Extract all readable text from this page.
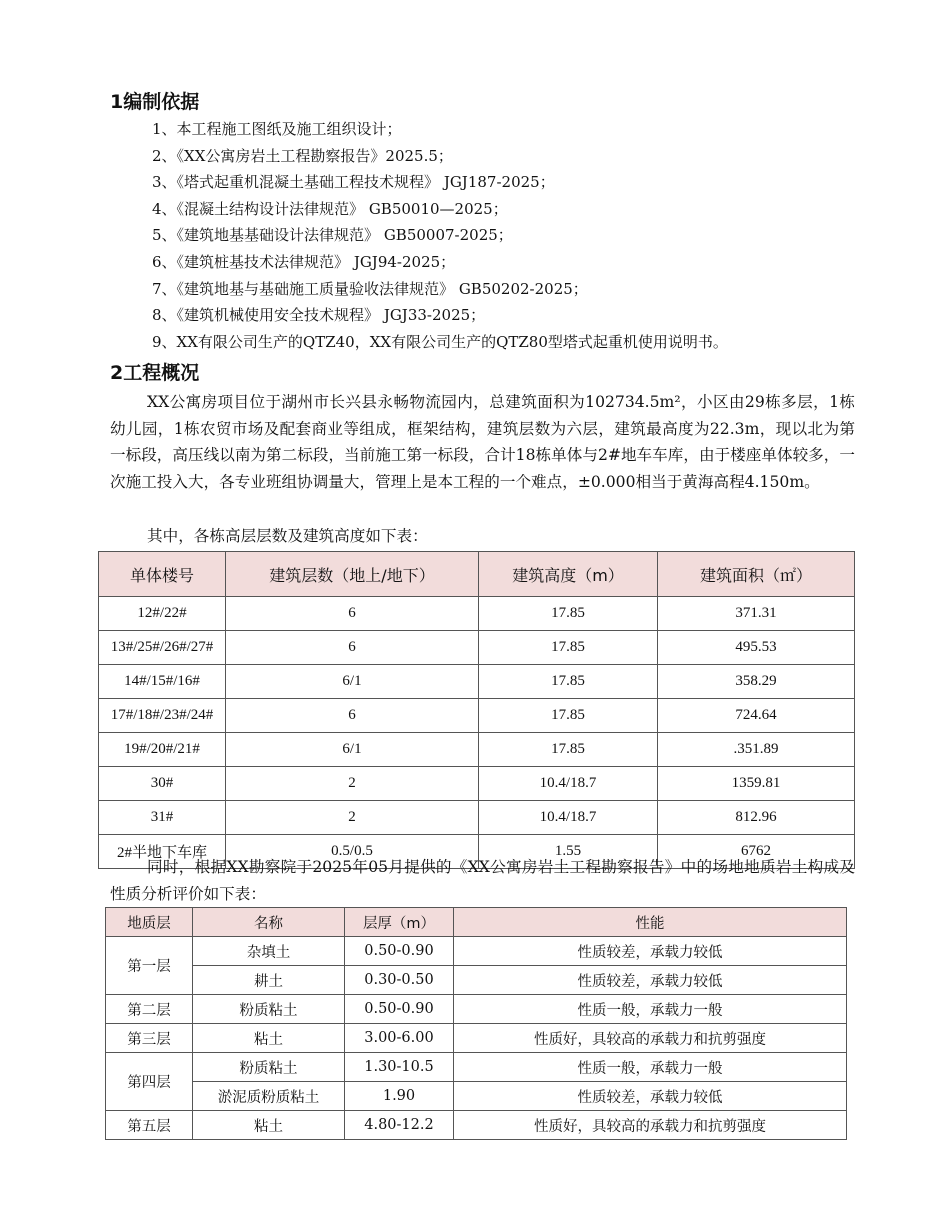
1编制依据
1、本工程施工图纸及施工组织设计；
2、《XX公寓房岩土工程勘察报告》2025.5；
3、《塔式起重机混凝土基础工程技术规程》 JGJ187-2025；
4、《混凝土结构设计法律规范》 GB50010—2025；
5、《建筑地基基础设计法律规范》 GB50007-2025；
6、《建筑桩基技术法律规范》 JGJ94-2025；
7、《建筑地基与基础施工质量验收法律规范》 GB50202-2025；
8、《建筑机械使用安全技术规程》 JGJ33-2025；
9、XX有限公司生产的QTZ40，XX有限公司生产的QTZ80型塔式起重机使用说明书。
2工程概况

XX公寓房项目位于湖州市长兴县永畅物流园内，总建筑面积为102734.5m²，小区由29栋多层，1栋幼儿园，1栋农贸市场及配套商业等组成，框架结构，建筑层数为六层，建筑最高度为22.3m，现以北为第一标段，高压线以南为第二标段，当前施工第一标段，合计18栋单体与2#地车车库，由于楼座单体较多，一次施工投入大，各专业班组协调量大，管理上是本工程的一个难点，±0.000相当于黄海高程4.150m。

其中，各栋高层层数及建筑高度如下表：

单体楼号	建筑层数（地上/地下）	建筑高度（m）	建筑面积（㎡）
12#/22#	6	17.85	371.31
13#/25#/26#/27#	6	17.85	495.53
14#/15#/16#	6/1	17.85	358.29
17#/18#/23#/24#	6	17.85	724.64
19#/20#/21#	6/1	17.85	.351.89
30#	2	10.4/18.7	1359.81
31#	2	10.4/18.7	812.96
2#半地下车库	0.5/0.5	1.55	6762

同时，根据XX勘察院于2025年05月提供的《XX公寓房岩土工程勘察报告》中的场地地质岩土构成及性质分析评价如下表：

地质层	名称	层厚（m）	性能
第一层	杂填土	0.50-0.90	性质较差，承载力较低
	耕土	0.30-0.50	性质较差，承载力较低
第二层	粉质粘土	0.50-0.90	性质一般，承载力一般
第三层	粘土	3.00-6.00	性质好，具较高的承载力和抗剪强度
第四层	粉质粘土	1.30-10.5	性质一般，承载力一般
	淤泥质粉质粘土	1.90	性质较差，承载力较低
第五层	粘土	4.80-12.2	性质好，具较高的承载力和抗剪强度
